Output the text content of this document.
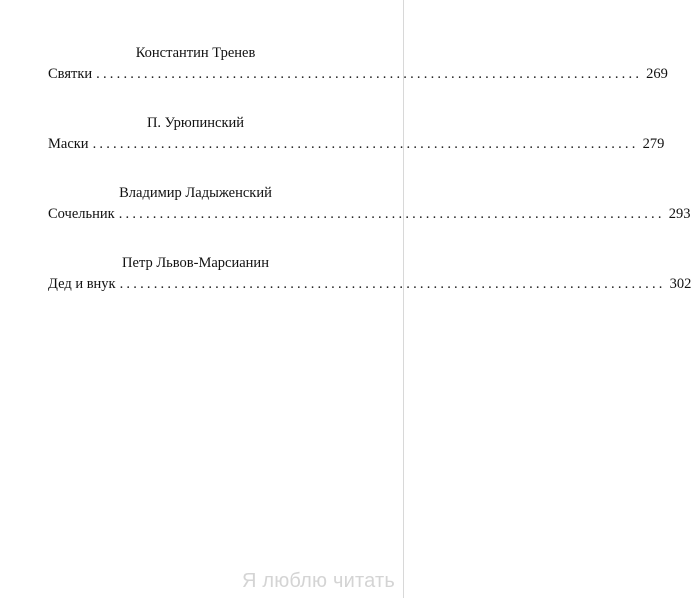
Константин Тренев
Святки ................................................................................ 269
П. Урюпинский
Маски ................................................................................ 279
Владимир Ладыженский
Сочельник ................................................................................ 293
Петр Львов-Марсианин
Дед и внук ................................................................................ 302
Я люблю читать
